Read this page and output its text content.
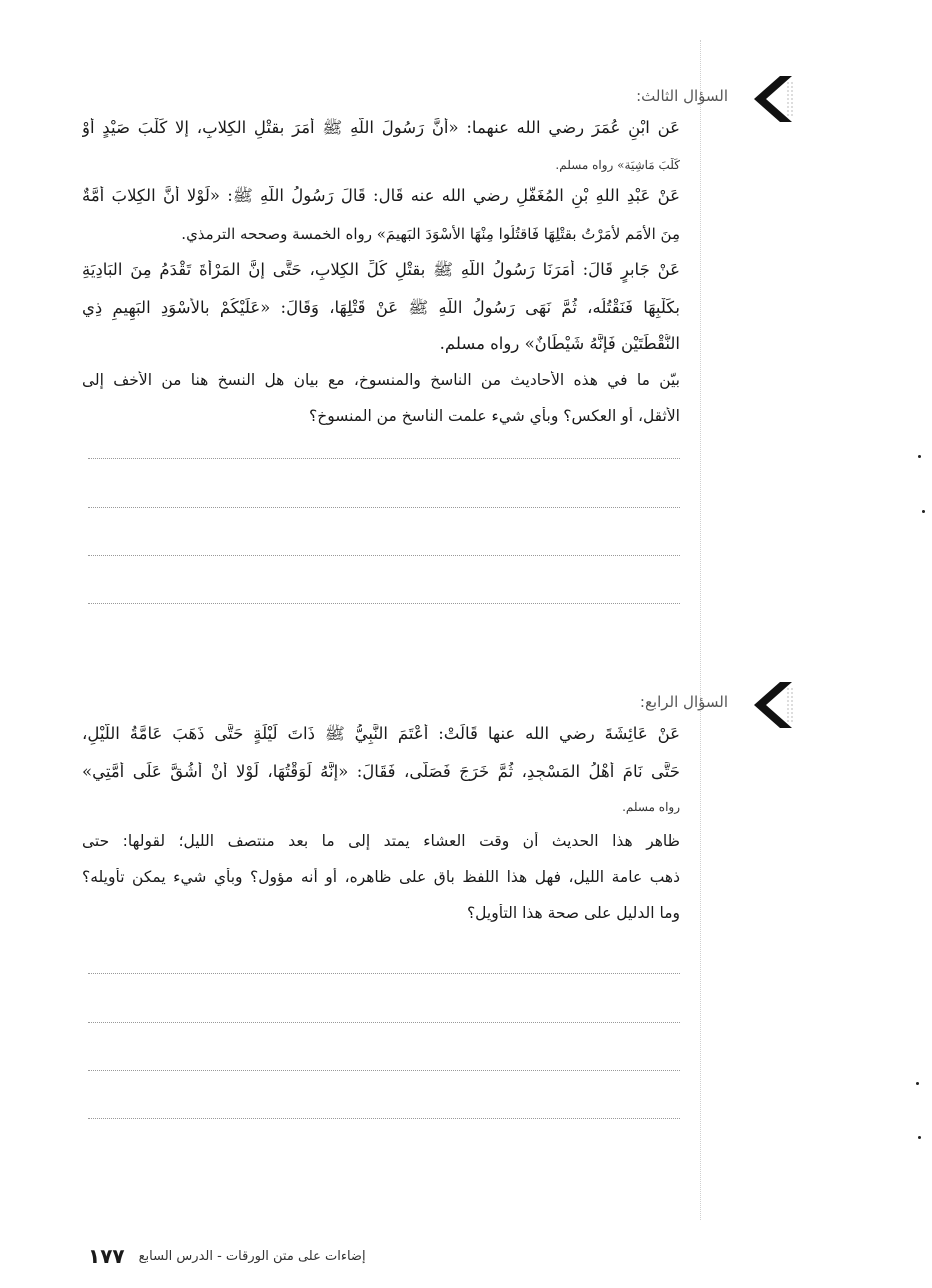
السؤال الثالث:
عَن ابْنِ عُمَرَ رضي الله عنهما: «أنَّ رَسُولَ اللَّهِ ﷺ أمَرَ بقتْلِ الكِلابِ، إلا كَلْبَ صَيْدٍ أوْ
كَلْبَ مَاشِيَة» رواه مسلم.
عَنْ عَبْدِ اللهِ بْنِ المُغَفَّلِ رضي الله عنه قَال: قَالَ رَسُولُ اللَّهِ ﷺ: «لَوْلا أنَّ الكِلابَ أمَّةٌ
مِنَ الأمَمِ لأمَرْتُ بقتْلِهَا فَاقتُلُوا مِنْهَا الأسْوَدَ البَهِيمَ» رواه الخمسة وصححه الترمذي.
عَنْ جَابرٍ قَالَ: أمَرَنَا رَسُولُ اللَّهِ ﷺ بقتْلِ كُلِّ الكِلابِ، حَتَّى إنَّ المَرْأةَ تَقْدَمُ مِنَ البَادِيَةِ
بكَلْبِهَا فَنَقْتُلُه، ثُمَّ نَهَى رَسُولُ اللَّهِ ﷺ عَنْ قَتْلِهَا، وَقَالَ: «عَلَيْكُمْ بالأسْوَدِ البَهِيمِ ذِي
النُّقْطَتَيْنِ فَإنَّهُ شَيْطَانٌ» رواه مسلم.
بيّن ما في هذه الأحاديث من الناسخ والمنسوخ، مع بيان هل النسخ هنا من الأخف إلى
الأثقل، أو العكس؟ وبأي شيء علمت الناسخ من المنسوخ؟
السؤال الرابع:
عَنْ عَائِشَةَ رضي الله عنها قَالَتْ: أعْتَمَ النَّبِيُّ ﷺ ذَاتَ لَيْلَةٍ حَتَّى ذَهَبَ عَامَّةُ اللَّيْلِ،
حَتَّى نَامَ أهْلُ المَسْجِدِ، ثُمَّ خَرَجَ فَصَلَّى، فَقَالَ: «إنَّهُ لَوَقْتُهَا، لَوْلا أنْ أشُقَّ عَلَى أمَّتِي»
رواه مسلم.
ظاهر هذا الحديث أن وقت العشاء يمتد إلى ما بعد منتصف الليل؛ لقولها: حتى
ذهب عامة الليل، فهل هذا اللفظ باق على ظاهره، أو أنه مؤول؟ وبأي شيء يمكن تأويله؟
وما الدليل على صحة هذا التأويل؟
١٧٧ إضاءات على متن الورقات - الدرس السابع
